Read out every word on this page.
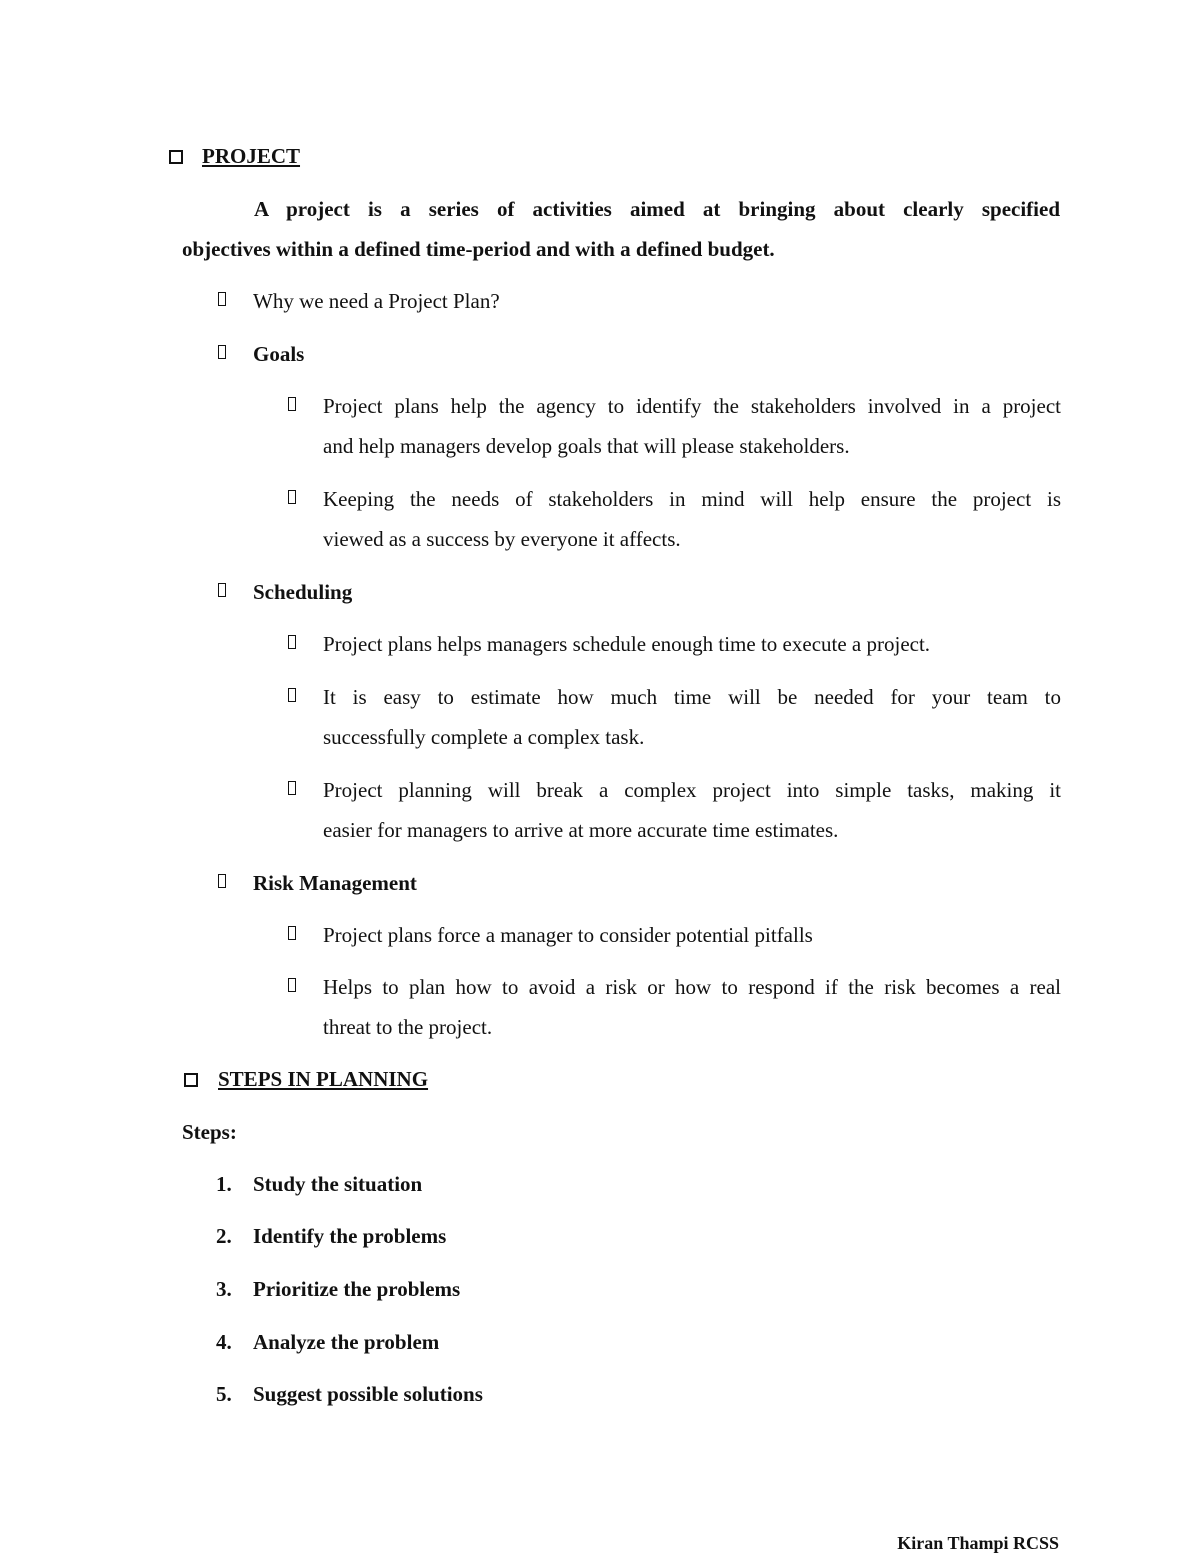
PROJECT
A project is a series of activities aimed at bringing about clearly specified
objectives within a defined time-period and with a defined budget.
Why we need a Project Plan?
Goals
Project plans help the agency to identify the stakeholders involved in a project
and help managers develop goals that will please stakeholders.
Keeping the needs of stakeholders in mind will help ensure the project is
viewed as a success by everyone it affects.
Scheduling
Project plans helps managers schedule enough time to execute a project.
It is easy to estimate how much time will be needed for your team to
successfully complete a complex task.
Project planning will break a complex project into simple tasks, making it
easier for managers to arrive at more accurate time estimates.
Risk Management
Project plans force a manager to consider potential pitfalls
Helps to plan how to avoid a risk or how to respond if the risk becomes a real
threat to the project.
STEPS IN PLANNING
Steps:
1. Study the situation
2. Identify the problems
3. Prioritize the problems
4. Analyze the problem
5. Suggest possible solutions
Kiran Thampi RCSS
